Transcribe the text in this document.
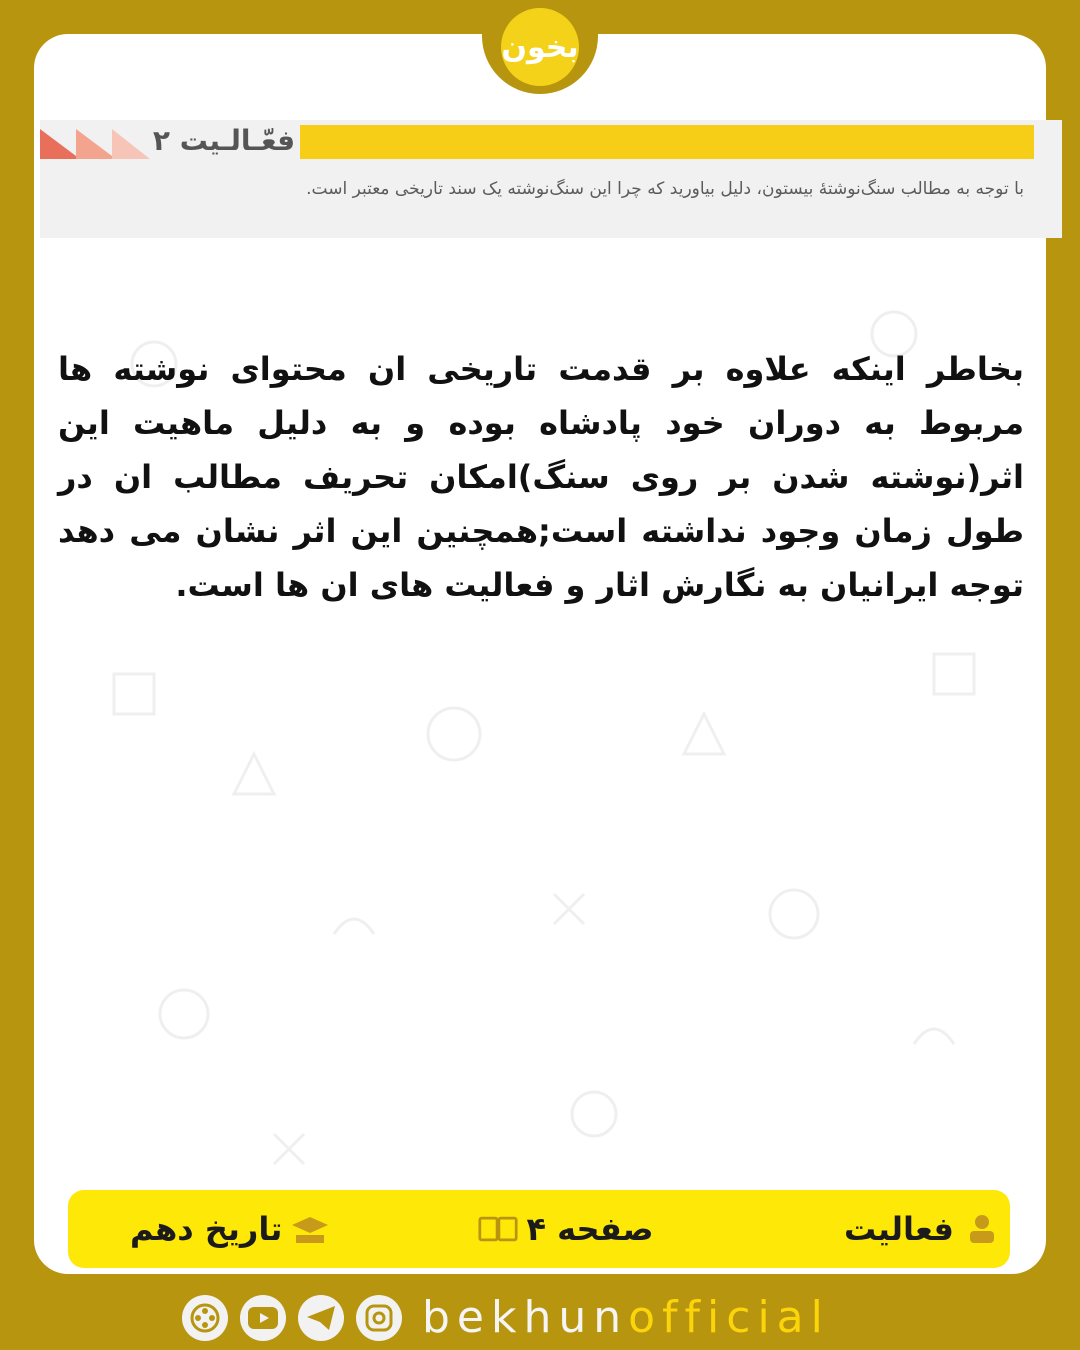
بخون
فعّـالـیت ۲
با توجه به مطالب سنگ‌نوشتۀ بیستون، دلیل بیاورید که چرا این سنگ‌نوشته یک سند تاریخی معتبر است.
بخاطر اینکه علاوه بر قدمت تاریخی ان محتوای نوشته ها مربوط به دوران خود پادشاه بوده و به دلیل ماهیت این اثر(نوشته شدن بر روی سنگ)امکان تحریف مطالب ان در طول زمان وجود نداشته است;همچنین این اثر نشان می دهد توجه ایرانیان به نگارش اثار و فعالیت های ان ها است.
فعالیت
صفحه ۴
تاریخ دهم
bekhunofficial
